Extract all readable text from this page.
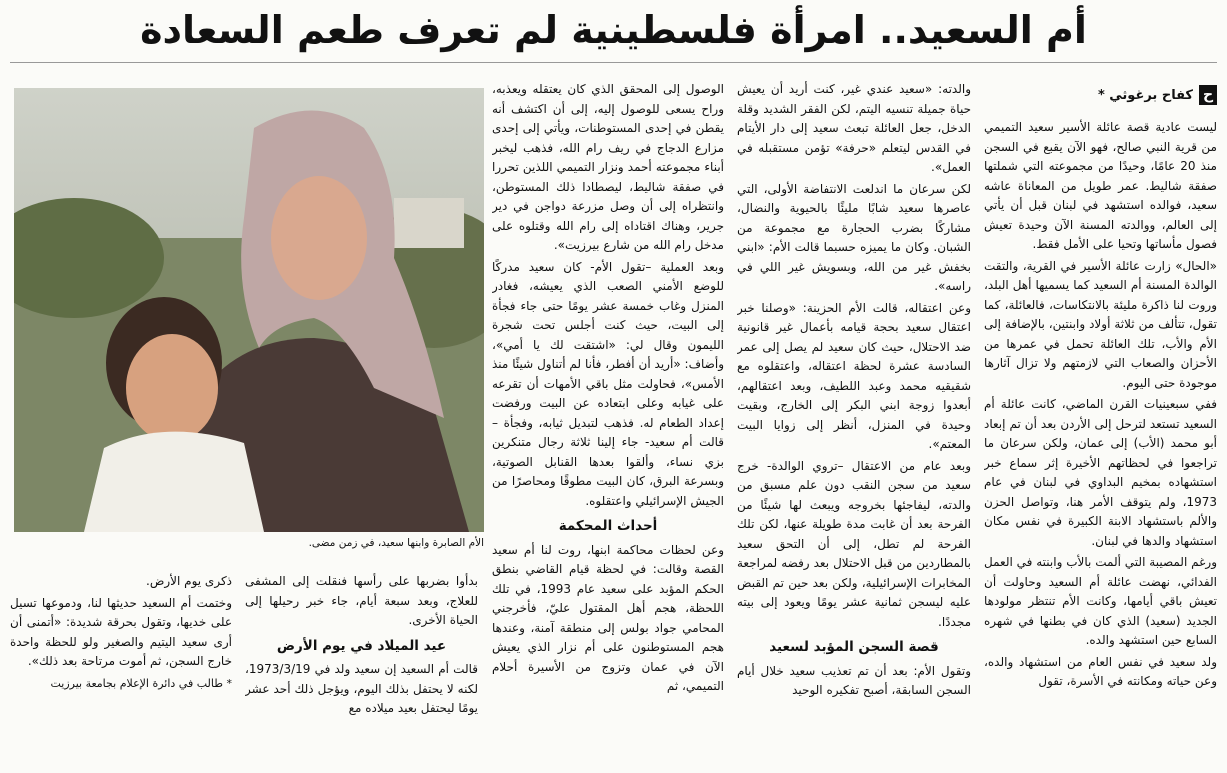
أم السعيد.. امرأة فلسطينية لم تعرف طعم السعادة
ح
كفاح برغوثي *

ليست عادية قصة عائلة الأسير سعيد التميمي من قرية النبي صالح، فهو الآن يقبع في السجن منذ 20 عامًا، وحيدًا من مجموعته التي شملتها صفقة شاليط. عمر طويل من المعاناة عاشه سعيد، فوالده استشهد في لبنان قبل أن يأتي إلى العالم، ووالدته المسنة الآن وحيدة تعيش فصول مأساتها وتحيا على الأمل فقط.

«الحال» زارت عائلة الأسير في القرية، والتقت الوالدة المسنة أم السعيد كما يسميها أهل البلد، وروت لنا ذاكرة مليئة بالانتكاسات، فالعائلة، كما تقول، تتألف من ثلاثة أولاد وابنتين، بالإضافة إلى الأم والأب، تلك العائلة تحمل في عمرها من الأحزان والصعاب التي لازمتهم ولا تزال آثارها موجودة حتى اليوم.

ففي سبعينيات القرن الماضي، كانت عائلة أم السعيد تستعد لترحل إلى الأردن بعد أن تم إبعاد أبو محمد (الأب) إلى عمان، ولكن سرعان ما تراجعوا في لحظاتهم الأخيرة إثر سماع خبر استشهاده بمخيم البداوي في لبنان في عام 1973، ولم يتوقف الأمر هنا، وتواصل الحزن والألم باستشهاد الابنة الكبيرة في نفس مكان استشهاد والدها في لبنان.

ورغم المصيبة التي ألمت بالأب وابنته في العمل الفدائي، نهضت عائلة أم السعيد وحاولت أن تعيش باقي أيامها، وكانت الأم تنتظر مولودها الجديد (سعيد) الذي كان في بطنها في شهره السابع حين استشهد والده.

ولد سعيد في نفس العام من استشهاد والده، وعن حياته ومكانته في الأسرة، تقول

والدته: «سعيد عندي غير، كنت أريد أن يعيش حياة جميلة تنسيه اليتم، لكن الفقر الشديد وقلة الدخل، جعل العائلة تبعث سعيد إلى دار الأيتام في القدس ليتعلم «حرفة» تؤمن مستقبله في العمل».

لكن سرعان ما اندلعت الانتفاضة الأولى، التي عاصرها سعيد شابًا مليئًا بالحيوية والنضال، مشاركًا بضرب الحجارة مع مجموعة من الشبان. وكان ما يميزه حسبما قالت الأم: «ابني بخفش غير من الله، وبسويش غير اللي في راسه».

وعن اعتقاله، قالت الأم الحزينة: «وصلنا خبر اعتقال سعيد بحجة قيامه بأعمال غير قانونية ضد الاحتلال، حيث كان سعيد لم يصل إلى عمر السادسة عشرة لحظة اعتقاله، واعتقلوه مع شقيقيه محمد وعبد اللطيف، وبعد اعتقالهم، أبعدوا زوجة ابني البكر إلى الخارج، وبقيت وحيدة في المنزل، أنظر إلى زوايا البيت المعتم».

وبعد عام من الاعتقال –تروي الوالدة- خرج سعيد من سجن النقب دون علم مسبق من والدته، ليفاجئها بخروجه ويبعث لها شيئًا من الفرحة بعد أن غابت مدة طويلة عنها، لكن تلك الفرحة لم تطل، إلى أن التحق سعيد بالمطاردين من قبل الاحتلال بعد رفضه لمراجعة المخابرات الإسرائيلية، ولكن بعد حين تم القبض عليه ليسجن ثمانية عشر يومًا ويعود إلى بيته مجددًا.

قصة السجن المؤبد لسعيد

وتقول الأم: بعد أن تم تعذيب سعيد خلال أيام السجن السابقة، أصبح تفكيره الوحيد

الوصول إلى المحقق الذي كان يعتقله ويعذبه، وراح يسعى للوصول إليه، إلى أن اكتشف أنه يقطن في إحدى المستوطنات، ويأتي إلى إحدى مزارع الدجاج في ريف رام الله، فذهب ليخبر أبناء مجموعته أحمد ونزار التميمي اللذين تحررا في صفقة شاليط، ليصطادا ذلك المستوطن، وانتظراه إلى أن وصل مزرعة دواجن في دير جرير، وهناك اقتاداه إلى رام الله وقتلوه على مدخل رام الله من شارع بيرزيت».

وبعد العملية –تقول الأم- كان سعيد مدركًا للوضع الأمني الصعب الذي يعيشه، فغادر المنزل وغاب خمسة عشر يومًا حتى جاء فجأة إلى البيت، حيث كنت أجلس تحت شجرة الليمون وقال لي: «اشتقت لك يا أمي»، وأضاف: «أريد أن أفطر، فأنا لم أتناول شيئًا منذ الأمس»، فحاولت مثل باقي الأمهات أن تقرعه على غيابه وعلى ابتعاده عن البيت ورفضت إعداد الطعام له. فذهب لتبديل ثيابه، وفجأة –قالت أم سعيد- جاء إلينا ثلاثة رجال متنكرين بزي نساء، وألقوا بعدها القنابل الصوتية، وبسرعة البرق، كان البيت مطوقًا ومحاصرًا من الجيش الإسرائيلي واعتقلوه.

أحداث المحكمة

وعن لحظات محاكمة ابنها، روت لنا أم سعيد القصة وقالت: في لحظة قيام القاضي بنطق الحكم المؤبد على سعيد عام 1993، في تلك اللحظة، هجم أهل المقتول عليّ، فأخرجني المحامي جواد بولس إلى منطقة آمنة، وعندها هجم المستوطنون على أم نزار الذي يعيش الآن في عمان وتزوج من الأسيرة أحلام التميمي، ثم

الأم الصابرة وابنها سعيد، في زمن مضى.

بدأوا بضربها على رأسها فنقلت إلى المشفى للعلاج، وبعد سبعة أيام، جاء خبر رحيلها إلى الحياة الأخرى.

عيد الميلاد في يوم الأرض

قالت أم السعيد إن سعيد ولد في 1973/3/19، لكنه لا يحتفل بذلك اليوم، ويؤجل ذلك أحد عشر يومًا ليحتفل بعيد ميلاده مع

ذكرى يوم الأرض.

وختمت أم السعيد حديثها لنا، ودموعها تسيل على خديها، وتقول بحرقة شديدة: «أتمنى أن أرى سعيد اليتيم والصغير ولو للحظة واحدة خارج السجن، ثم أموت مرتاحة بعد ذلك».

* طالب في دائرة الإعلام بجامعة بيرزيت
